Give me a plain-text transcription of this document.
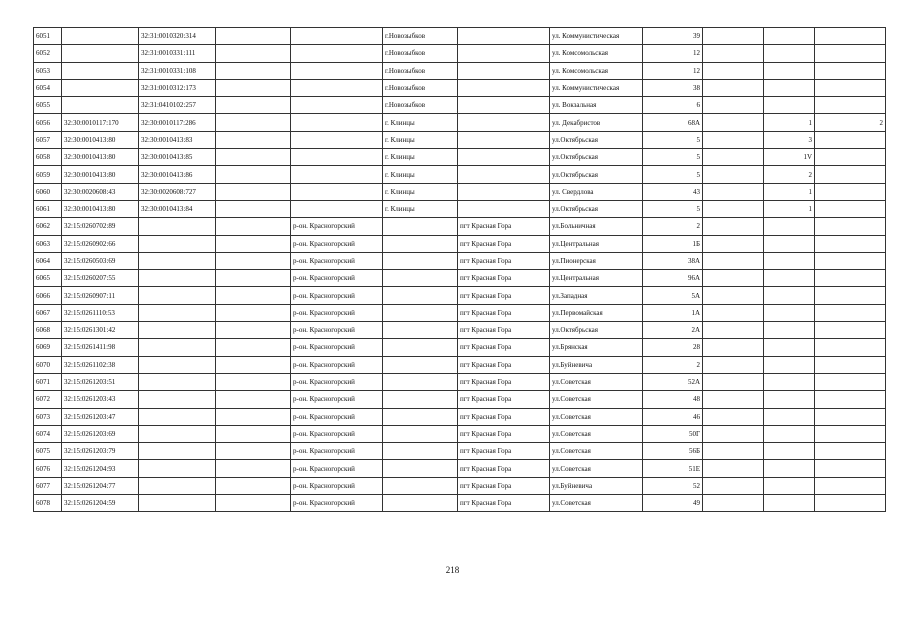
6051		32:31:0010320:314			г.Новозыбков		ул. Коммунистическая	39			
6052		32:31:0010331:111			г.Новозыбков		ул. Комсомольская	12			
6053		32:31:0010331:108			г.Новозыбков		ул. Комсомольская	12			
6054		32:31:0010312:173			г.Новозыбков		ул. Коммунистическая	38			
6055		32:31:0410102:257			г.Новозыбков		ул. Вокзальная	6			
6056	32:30:0010117:170	32:30:0010117:286			г. Клинцы		ул. Декабристов	68А		1	2
6057	32:30:0010413:80	32:30:0010413:83			г. Клинцы		ул.Октябрьская	5		3	
6058	32:30:0010413:80	32:30:0010413:85			г. Клинцы		ул.Октябрьская	5		1V	
6059	32:30:0010413:80	32:30:0010413:86			г. Клинцы		ул.Октябрьская	5		2	
6060	32:30:0020608:43	32:30:0020608:727			г. Клинцы		ул. Свердлова	43		1	
6061	32:30:0010413:80	32:30:0010413:84			г. Клинцы		ул.Октябрьская	5		1	
6062	32:15:0260702:89			р-он. Красногорский		пгт Красная Гора	ул.Больничная	2			
6063	32:15:0260902:66			р-он. Красногорский		пгт Красная Гора	ул.Центральная	1Б			
6064	32:15:0260503:69			р-он. Красногорский		пгт Красная Гора	ул.Пионерская	38А			
6065	32:15:0260207:55			р-он. Красногорский		пгт Красная Гора	ул.Центральная	96А			
6066	32:15:0260907:11			р-он. Красногорский		пгт Красная Гора	ул.Западная	5А			
6067	32:15:0261110:53			р-он. Красногорский		пгт Красная Гора	ул.Первомайская	1А			
6068	32:15:0261301:42			р-он. Красногорский		пгт Красная Гора	ул.Октябрьская	2А			
6069	32:15:0261411:98			р-он. Красногорский		пгт Красная Гора	ул.Брянская	28			
6070	32:15:0261102:38			р-он. Красногорский		пгт Красная Гора	ул.Буйневича	2			
6071	32:15:0261203:51			р-он. Красногорский		пгт Красная Гора	ул.Советская	52А			
6072	32:15:0261203:43			р-он. Красногорский		пгт Красная Гора	ул.Советская	48			
6073	32:15:0261203:47			р-он. Красногорский		пгт Красная Гора	ул.Советская	46			
6074	32:15:0261203:69			р-он. Красногорский		пгт Красная Гора	ул.Советская	50Г			
6075	32:15:0261203:79			р-он. Красногорский		пгт Красная Гора	ул.Советская	56Б			
6076	32:15:0261204:93			р-он. Красногорский		пгт Красная Гора	ул.Советская	51Е			
6077	32:15:0261204:77			р-он. Красногорский		пгт Красная Гора	ул.Буйневича	52			
6078	32:15:0261204:59			р-он. Красногорский		пгт Красная Гора	ул.Советская	49			
218
